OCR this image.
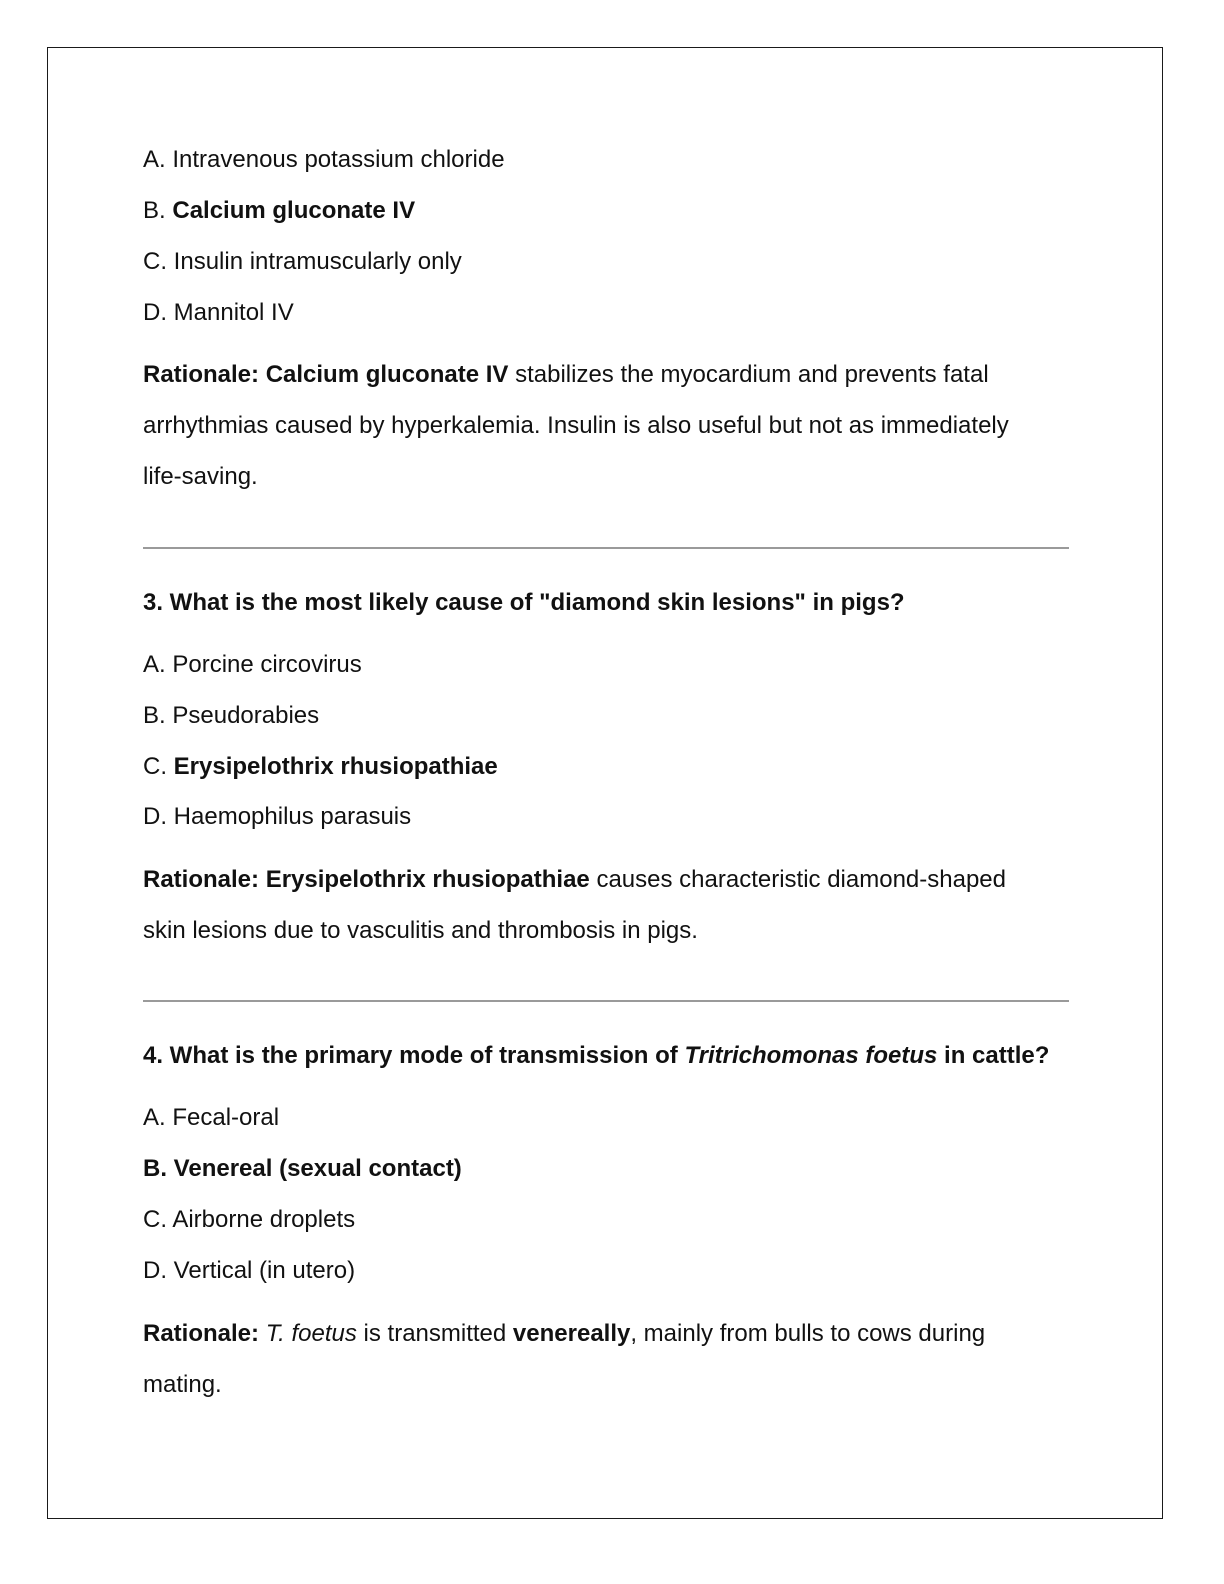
A. Intravenous potassium chloride
B. Calcium gluconate IV
C. Insulin intramuscularly only
D. Mannitol IV
Rationale: Calcium gluconate IV stabilizes the myocardium and prevents fatal
arrhythmias caused by hyperkalemia. Insulin is also useful but not as immediately
life-saving.
3. What is the most likely cause of "diamond skin lesions" in pigs?
A. Porcine circovirus
B. Pseudorabies
C. Erysipelothrix rhusiopathiae
D. Haemophilus parasuis
Rationale: Erysipelothrix rhusiopathiae causes characteristic diamond-shaped
skin lesions due to vasculitis and thrombosis in pigs.
4. What is the primary mode of transmission of Tritrichomonas foetus in cattle?
A. Fecal-oral
B. Venereal (sexual contact)
C. Airborne droplets
D. Vertical (in utero)
Rationale: T. foetus is transmitted venereally, mainly from bulls to cows during
mating.
